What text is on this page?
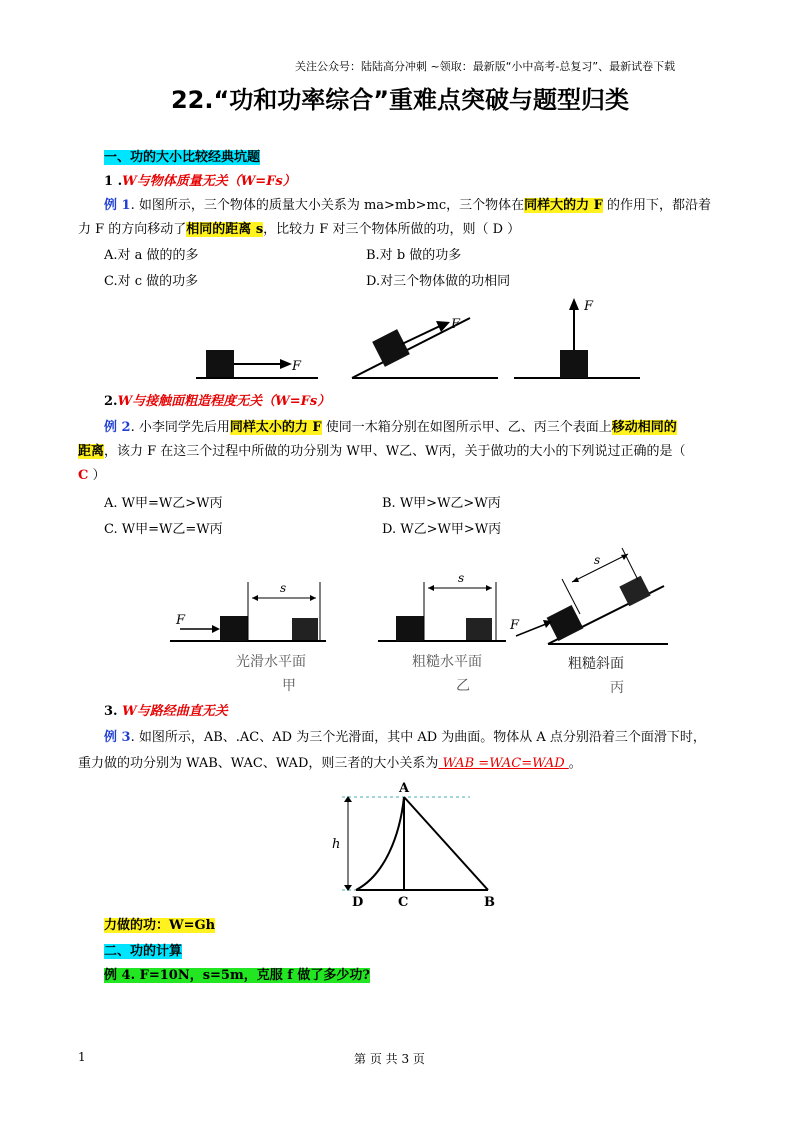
关注公众号：陆陆高分冲刺 ~领取：最新版“小中高考-总复习”、最新试卷下载
22.“功和功率综合”重难点突破与题型归类
一、功的大小比较经典坑题
1 .W与物体质量无关（W=Fs）
例 1. 如图所示，三个物体的质量大小关系为 ma>mb>mc，三个物体在同样大的力 F 的作用下，都沿着
力 F 的方向移动了相同的距离 s，比较力 F 对三个物体所做的功，则（ D ）
A.对 a 做的的多	B.对 b 做的功多
C.对 c 做的功多	D.对三个物体做的功相同
F
F
F
2.W与接触面粗造程度无关（W=Fs）
例 2. 小李同学先后用同样太小的力 F 使同一木箱分别在如图所示甲、乙、丙三个表面上移动相同的
距离，该力 F 在这三个过程中所做的功分别为 W甲、W乙、W丙，关于做功的大小的下列说过正确的是（
C ）
A. W甲=W乙>W丙	B. W甲>W乙>W丙
C. W甲=W乙=W丙	D. W乙>W甲>W丙
F
s
光滑水平面
甲
s
粗糙水平面
乙
F
s
粗糙斜面
丙
3. W与路经曲直无关
例 3. 如图所示，AB、.AC、AD 为三个光滑面，其中 AD 为曲面。物体从 A 点分别沿着三个面滑下时，
重力做的功分别为 WAB、WAC、WAD，则三者的大小关系为 WAB =WAC=WAD 。
h
A
C	B
D
力做的功：W=Gh
二、功的计算
例 4. F=10N，s=5m，克服 f 做了多少功?
1	第 页 共 3 页
